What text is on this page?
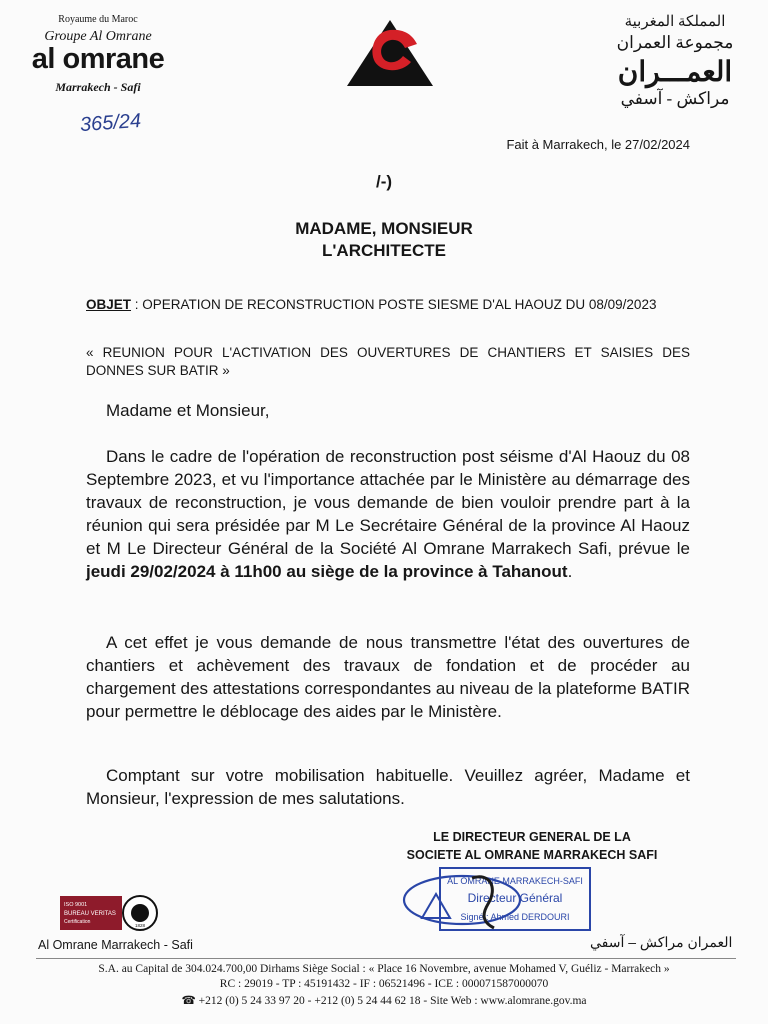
Royaume du Maroc
Groupe Al Omrane
al omrane
Marrakech - Safi
365/24
المملكة المغربية
مجموعة العمران
العمـــران
مراكش - آسفي
Fait à Marrakech, le 27/02/2024
/-)
MADAME, MONSIEUR
L'ARCHITECTE
OBJET : OPERATION DE RECONSTRUCTION POSTE SIESME D'AL HAOUZ DU 08/09/2023
« REUNION POUR L'ACTIVATION DES OUVERTURES DE CHANTIERS ET SAISIES DES DONNES SUR BATIR »
Madame et Monsieur,
Dans le cadre de l'opération de reconstruction post séisme d'Al Haouz du 08 Septembre 2023, et vu l'importance attachée par le Ministère au démarrage des travaux de reconstruction, je vous demande de bien vouloir prendre part à la réunion qui sera présidée par M Le Secrétaire Général de la province Al Haouz et M Le Directeur Général de la Société Al Omrane Marrakech Safi, prévue le jeudi 29/02/2024 à 11h00 au siège de la province à Tahanout.
A cet effet je vous demande de nous transmettre l'état des ouvertures de chantiers et achèvement des travaux de fondation et de procéder au chargement des attestations correspondantes au niveau de la plateforme BATIR pour permettre le déblocage des aides par le Ministère.
Comptant sur votre mobilisation habituelle. Veuillez agréer, Madame et Monsieur, l'expression de mes salutations.
LE DIRECTEUR GENERAL DE LA
SOCIETE AL OMRANE MARRAKECH SAFI
AL OMRANE MARRAKECH-SAFI
Directeur Général
Signé : Ahmed DERDOURI
ISO 9001
BUREAU VERITAS
Certification
1828
Al Omrane Marrakech - Safi	العمران مراكش – آسفي
S.A. au Capital de 304.024.700,00 Dirhams Siège Social : « Place 16 Novembre, avenue Mohamed V, Guéliz - Marrakech »
RC : 29019 - TP : 45191432 - IF : 06521496 - ICE : 000071587000070
☎ +212 (0) 5 24 33 97 20 - +212 (0) 5 24 44 62 18 - Site Web : www.alomrane.gov.ma
